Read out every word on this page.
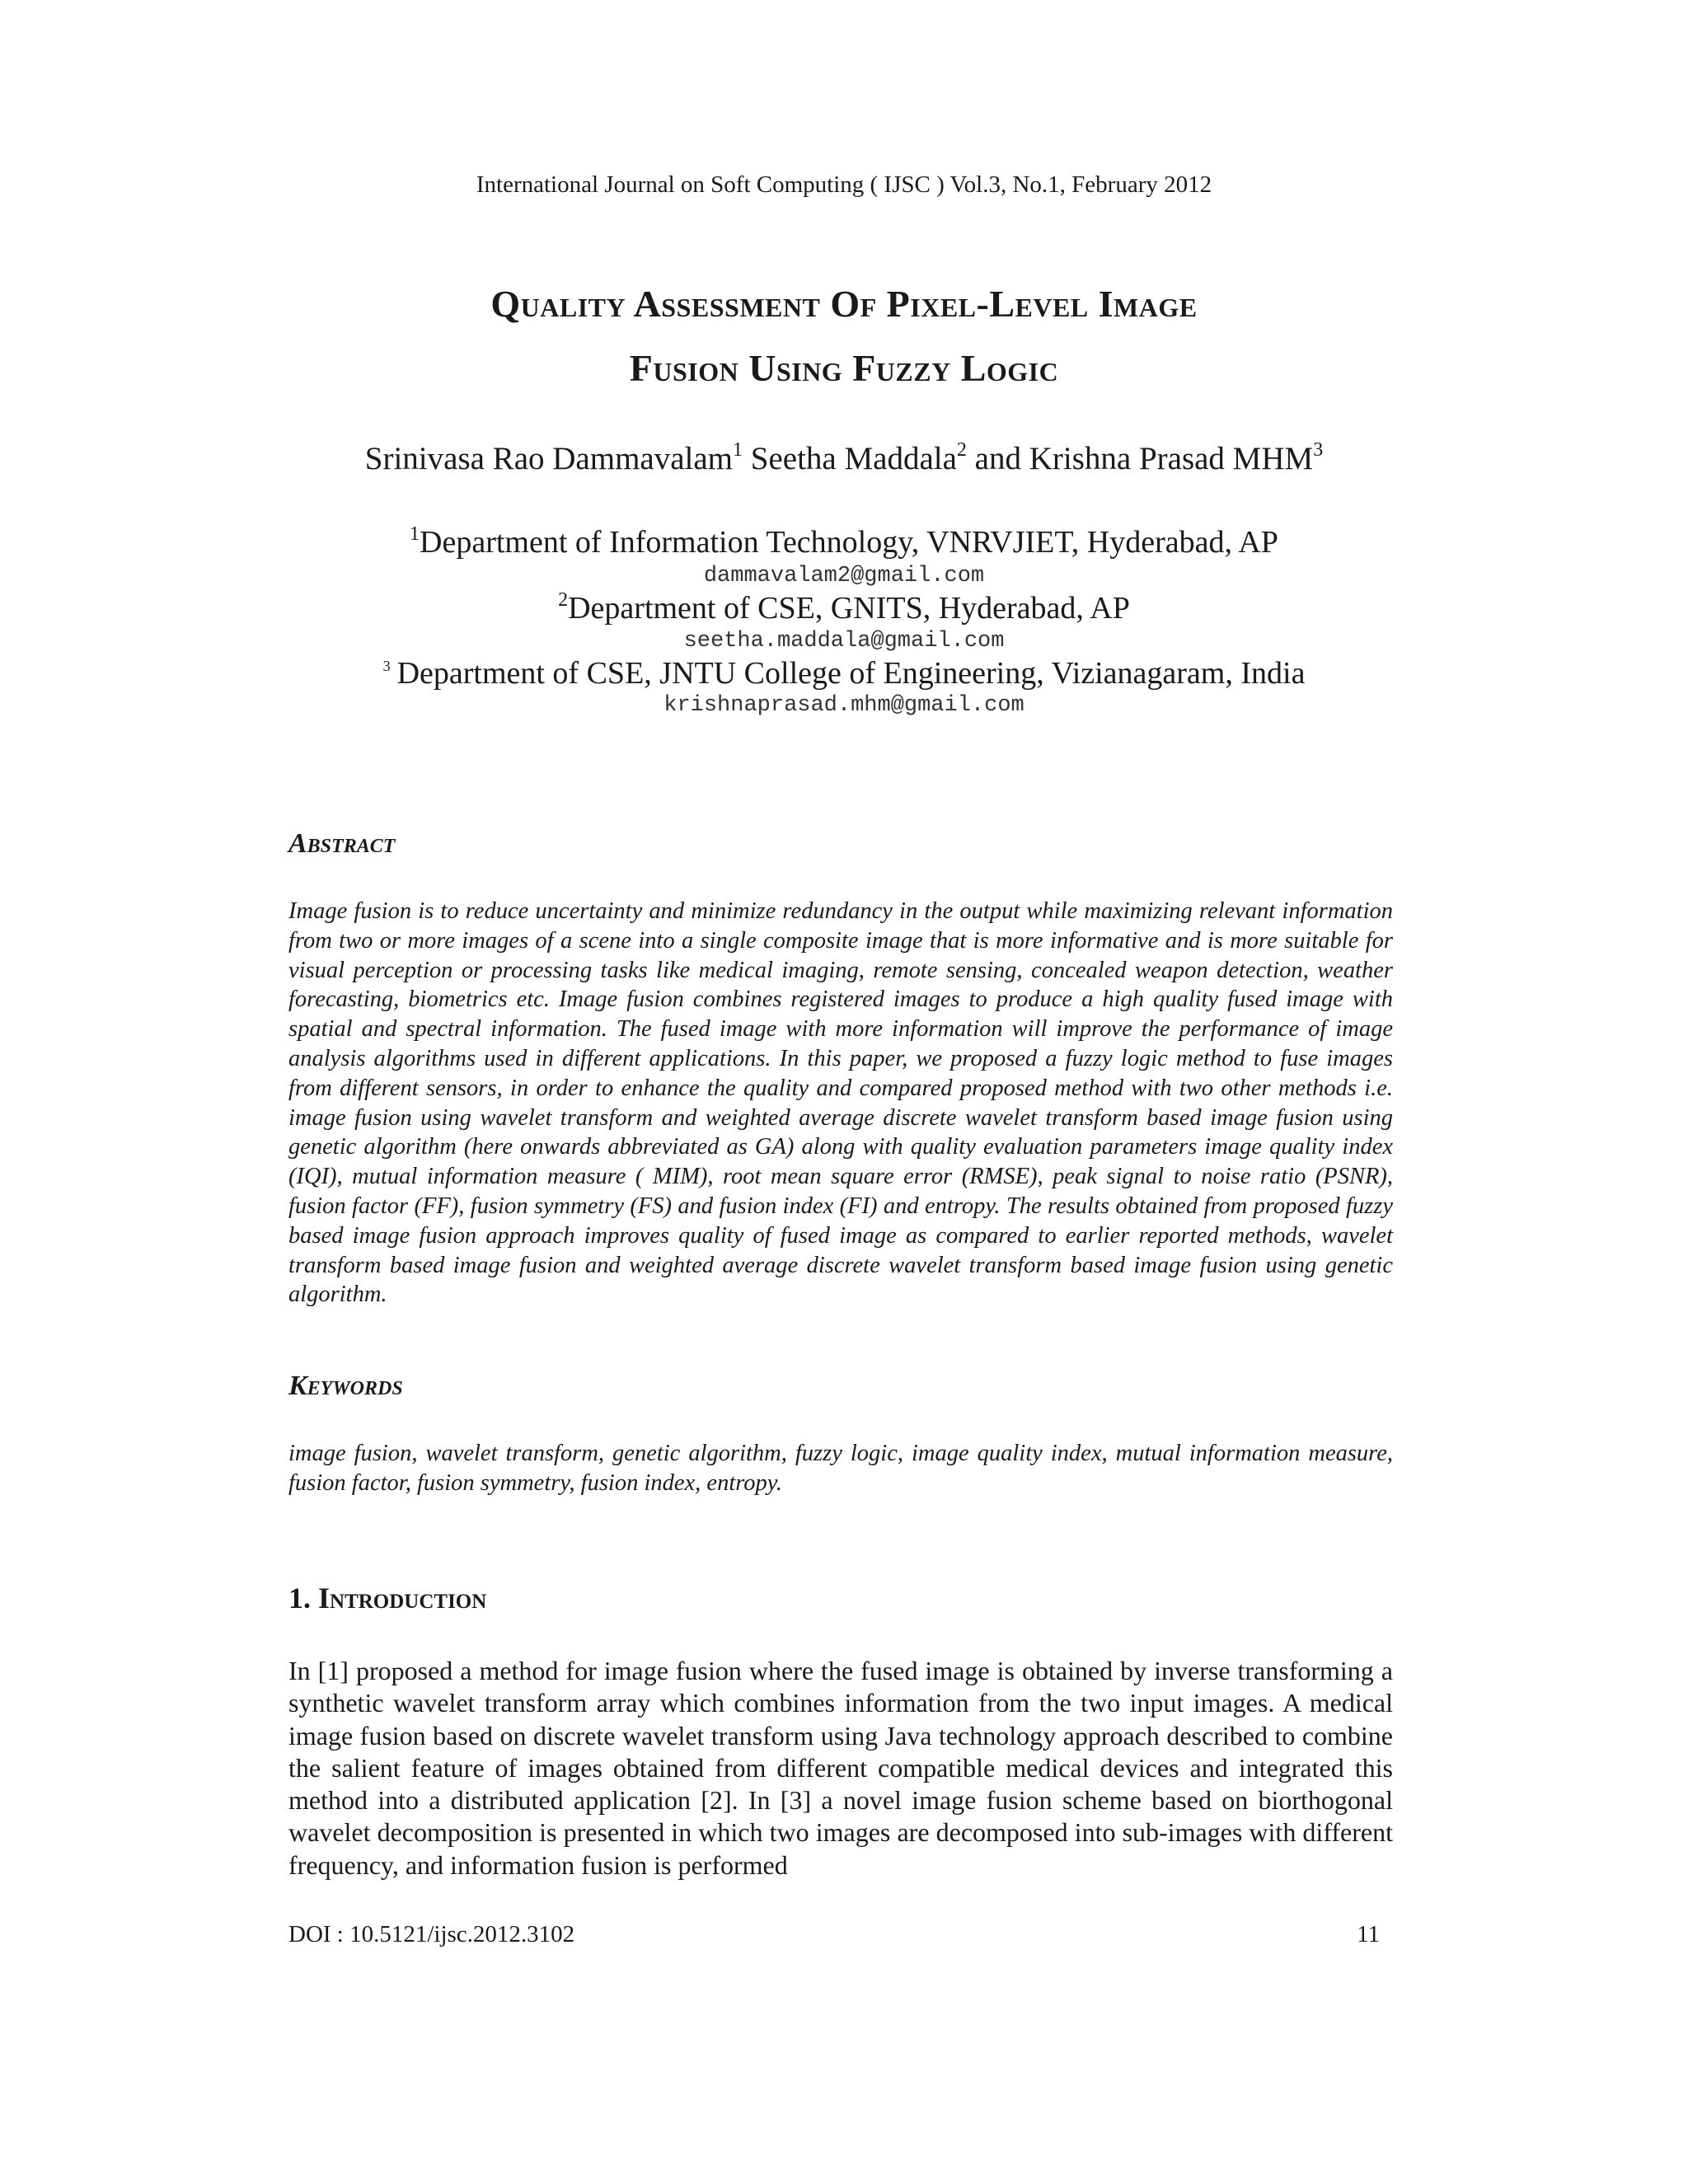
International Journal on Soft Computing ( IJSC ) Vol.3, No.1, February 2012
Quality Assessment Of Pixel-Level Image
Fusion Using Fuzzy Logic
Srinivasa Rao Dammavalam$^1$ Seetha Maddala$^2$ and Krishna Prasad MHM$^3$
$^1$Department of Information Technology, VNRVJIET, Hyderabad, AP
dammavalam2@gmail.com
$^2$Department of CSE, GNITS, Hyderabad, AP
seetha.maddala@gmail.com
$^3$ Department of CSE, JNTU College of Engineering, Vizianagaram, India
krishnaprasad.mhm@gmail.com
Abstract
Image fusion is to reduce uncertainty and minimize redundancy in the output while maximizing relevant information from two or more images of a scene into a single composite image that is more informative and is more suitable for visual perception or processing tasks like medical imaging, remote sensing, concealed weapon detection, weather forecasting, biometrics etc. Image fusion combines registered images to produce a high quality fused image with spatial and spectral information. The fused image with more information will improve the performance of image analysis algorithms used in different applications. In this paper, we proposed a fuzzy logic method to fuse images from different sensors, in order to enhance the quality and compared proposed method with two other methods i.e. image fusion using wavelet transform and weighted average discrete wavelet transform based image fusion using genetic algorithm (here onwards abbreviated as GA) along with quality evaluation parameters image quality index (IQI), mutual information measure ( MIM), root mean square error (RMSE), peak signal to noise ratio (PSNR), fusion factor (FF), fusion symmetry (FS) and fusion index (FI) and entropy. The results obtained from proposed fuzzy based image fusion approach improves quality of fused image as compared to earlier reported methods, wavelet transform based image fusion and weighted average discrete wavelet transform based image fusion using genetic algorithm.
Keywords
image fusion, wavelet transform, genetic algorithm, fuzzy logic, image quality index, mutual information measure, fusion factor, fusion symmetry, fusion index, entropy.
1. Introduction
In [1] proposed a method for image fusion where the fused image is obtained by inverse transforming a synthetic wavelet transform array which combines information from the two input images. A medical image fusion based on discrete wavelet transform using Java technology approach described to combine the salient feature of images obtained from different compatible medical devices and integrated this method into a distributed application [2]. In [3] a novel image fusion scheme based on biorthogonal wavelet decomposition is presented in which two images are decomposed into sub-images with different frequency, and information fusion is performed
DOI : 10.5121/ijsc.2012.3102	11
